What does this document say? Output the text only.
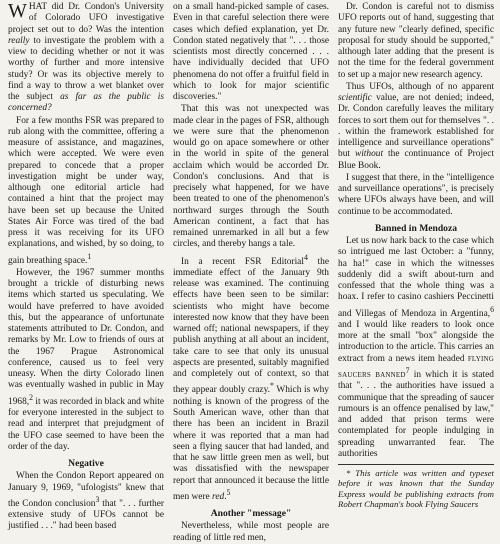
WHAT did Dr. Condon's University of Colorado UFO investigative project set out to do? Was the intention really to investigate the problem with a view to deciding whether or not it was worthy of further and more intensive study? Or was its objective merely to find a way to throw a wet blanket over the subject as far as the public is concerned?

For a few months FSR was prepared to rub along with the committee, offering a measure of assistance, and magazines, which were accepted. We were even prepared to concede that a proper investigation might be under way, although one editorial article had contained a hint that the project may have been set up because the United States Air Force was tired of the bad press it was receiving for its UFO explanations, and wished, by so doing, to gain breathing space.$^1$

However, the 1967 summer months brought a trickle of disturbing news items which started us speculating. We would have preferred to have avoided this, but the appearance of unfortunate statements attributed to Dr. Condon, and remarks by Mr. Low to friends of ours at the 1967 Prague Astronomical conference, caused us to feel very uneasy. When the dirty Colorado linen was eventually washed in public in May 1968,$^2$ it was recorded in black and white for everyone interested in the subject to read and interpret that prejudgment of the UFO case seemed to have been the order of the day.

Negative

When the Condon Report appeared on January 9, 1969, "ufologists" knew that the Condon conclusion$^3$ that ". . . further extensive study of UFOs cannot be justified . . ." had been based

on a small hand-picked sample of cases. Even in that careful selection there were cases which defied explanation, yet Dr. Condon stated negatively that ". . . those scientists most directly concerned . . . have individually decided that UFO phenomena do not offer a fruitful field in which to look for major scientific discoveries."

That this was not unexpected was made clear in the pages of FSR, although we were sure that the phenomenon would go on apace somewhere or other in the world in spite of the general acclaim which would be accorded Dr. Condon's conclusions. And that is precisely what happened, for we have been treated to one of the phenomenon's northward surges through the South American continent, a fact that has remained unremarked in all but a few circles, and thereby hangs a tale.

In a recent FSR Editorial$^4$ the immediate effect of the January 9th release was examined. The continuing effects have been seen to be similar: scientists who might have become interested now know that they have been warned off; national newspapers, if they publish anything at all about an incident, take care to see that only its unusual aspects are presented, suitably magnified and completely out of context, so that they appear doubly crazy.* Which is why nothing is known of the progress of the South American wave, other than that there has been an incident in Brazil where it was reported that a man had seen a flying saucer that had landed, and that he saw little green men as well, but was dissatisfied with the newspaper report that announced it because the little men were red.$^5$

Another "message"

Nevertheless, while most people are reading of little red men,

Dr. Condon is careful not to dismiss UFO reports out of hand, suggesting that any future new "clearly defined, specific proposal for study should be supported," although later adding that the present is not the time for the federal government to set up a major new research agency.

Thus UFOs, although of no apparent scientific value, are not denied; indeed, Dr. Condon carefully leaves the military forces to sort them out for themselves ". . . within the framework established for intelligence and surveillance operations" but without the continuance of Project Blue Book.

I suggest that there, in the "intelligence and surveillance operations", is precisely where UFOs always have been, and will continue to be accommodated.

Banned in Mendoza

Let us now hark back to the case which so intrigued me last October: a "funny, ha ha!" case in which the witnesses suddenly did a swift about-turn and confessed that the whole thing was a hoax. I refer to casino cashiers Peccinetti and Villegas of Mendoza in Argentina,$^6$ and I would like readers to look once more at the small "box" alongside the introduction to the article. This carries an extract from a news item headed flying saucers banned$^7$ in which it is stated that ". . . the authorities have issued a communique that the spreading of saucer rumours is an offence penalised by law," and added that prison terms were contemplated for people indulging in spreading unwarranted fear. The authorities

* This article was written and typeset before it was known that the Sunday Express would be publishing extracts from Robert Chapman's book Flying Saucers
